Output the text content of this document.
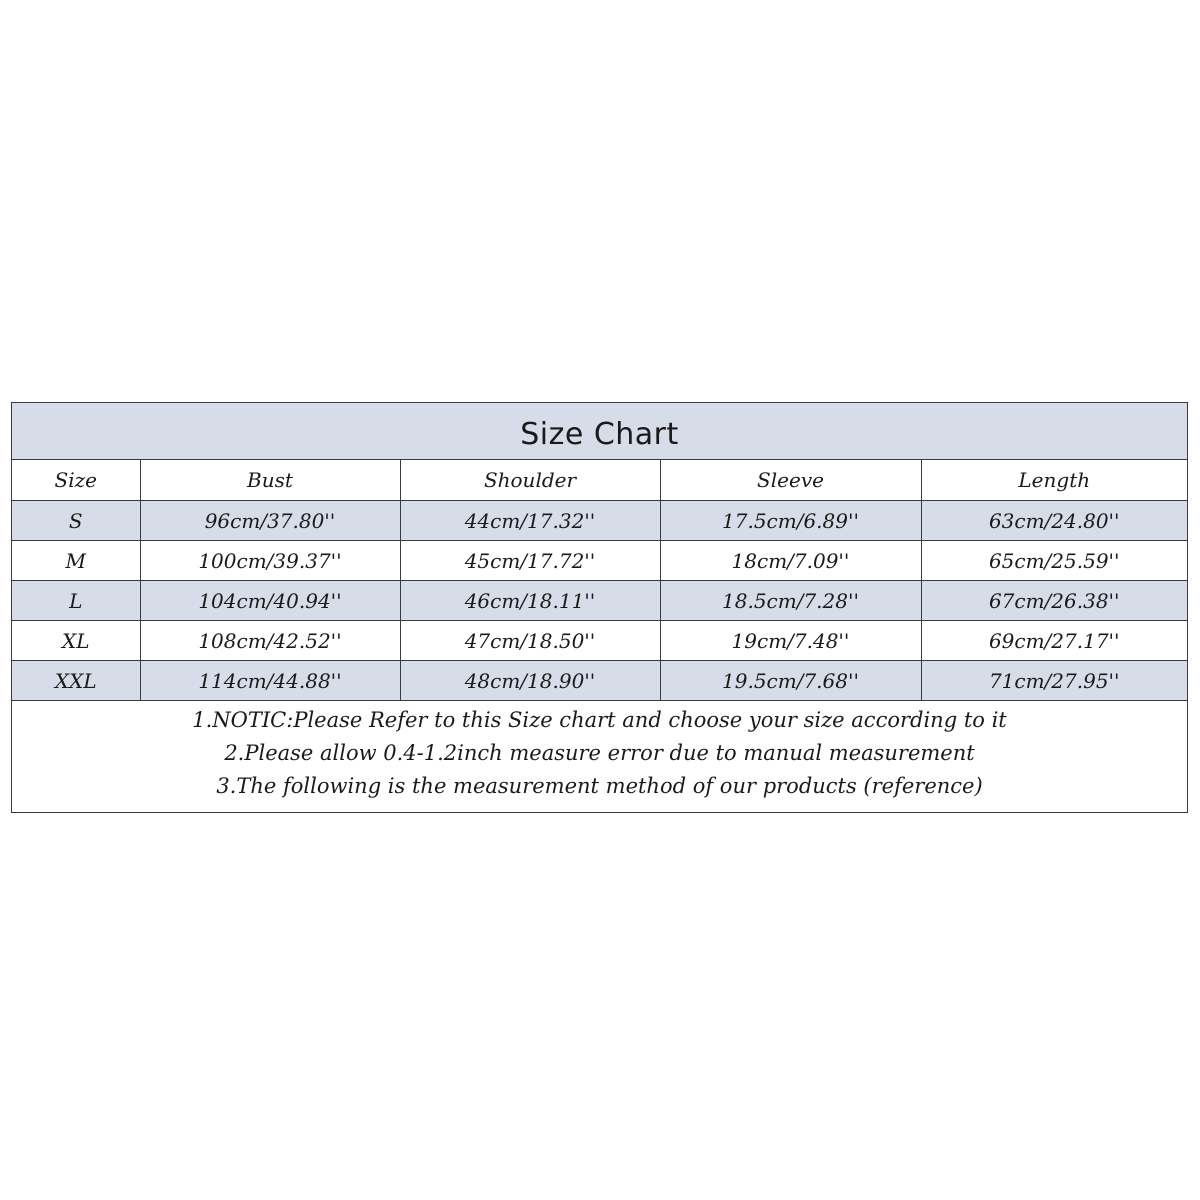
Size Chart
Size	Bust	Shoulder	Sleeve	Length
S	96cm/37.80''	44cm/17.32''	17.5cm/6.89''	63cm/24.80''
M	100cm/39.37''	45cm/17.72''	18cm/7.09''	65cm/25.59''
L	104cm/40.94''	46cm/18.11''	18.5cm/7.28''	67cm/26.38''
XL	108cm/42.52''	47cm/18.50''	19cm/7.48''	69cm/27.17''
XXL	114cm/44.88''	48cm/18.90''	19.5cm/7.68''	71cm/27.95''

1.NOTIC:Please Refer to this Size chart and choose your size according to it

2.Please allow 0.4-1.2inch measure error due to manual measurement

3.The following is the measurement method of our products (reference)
